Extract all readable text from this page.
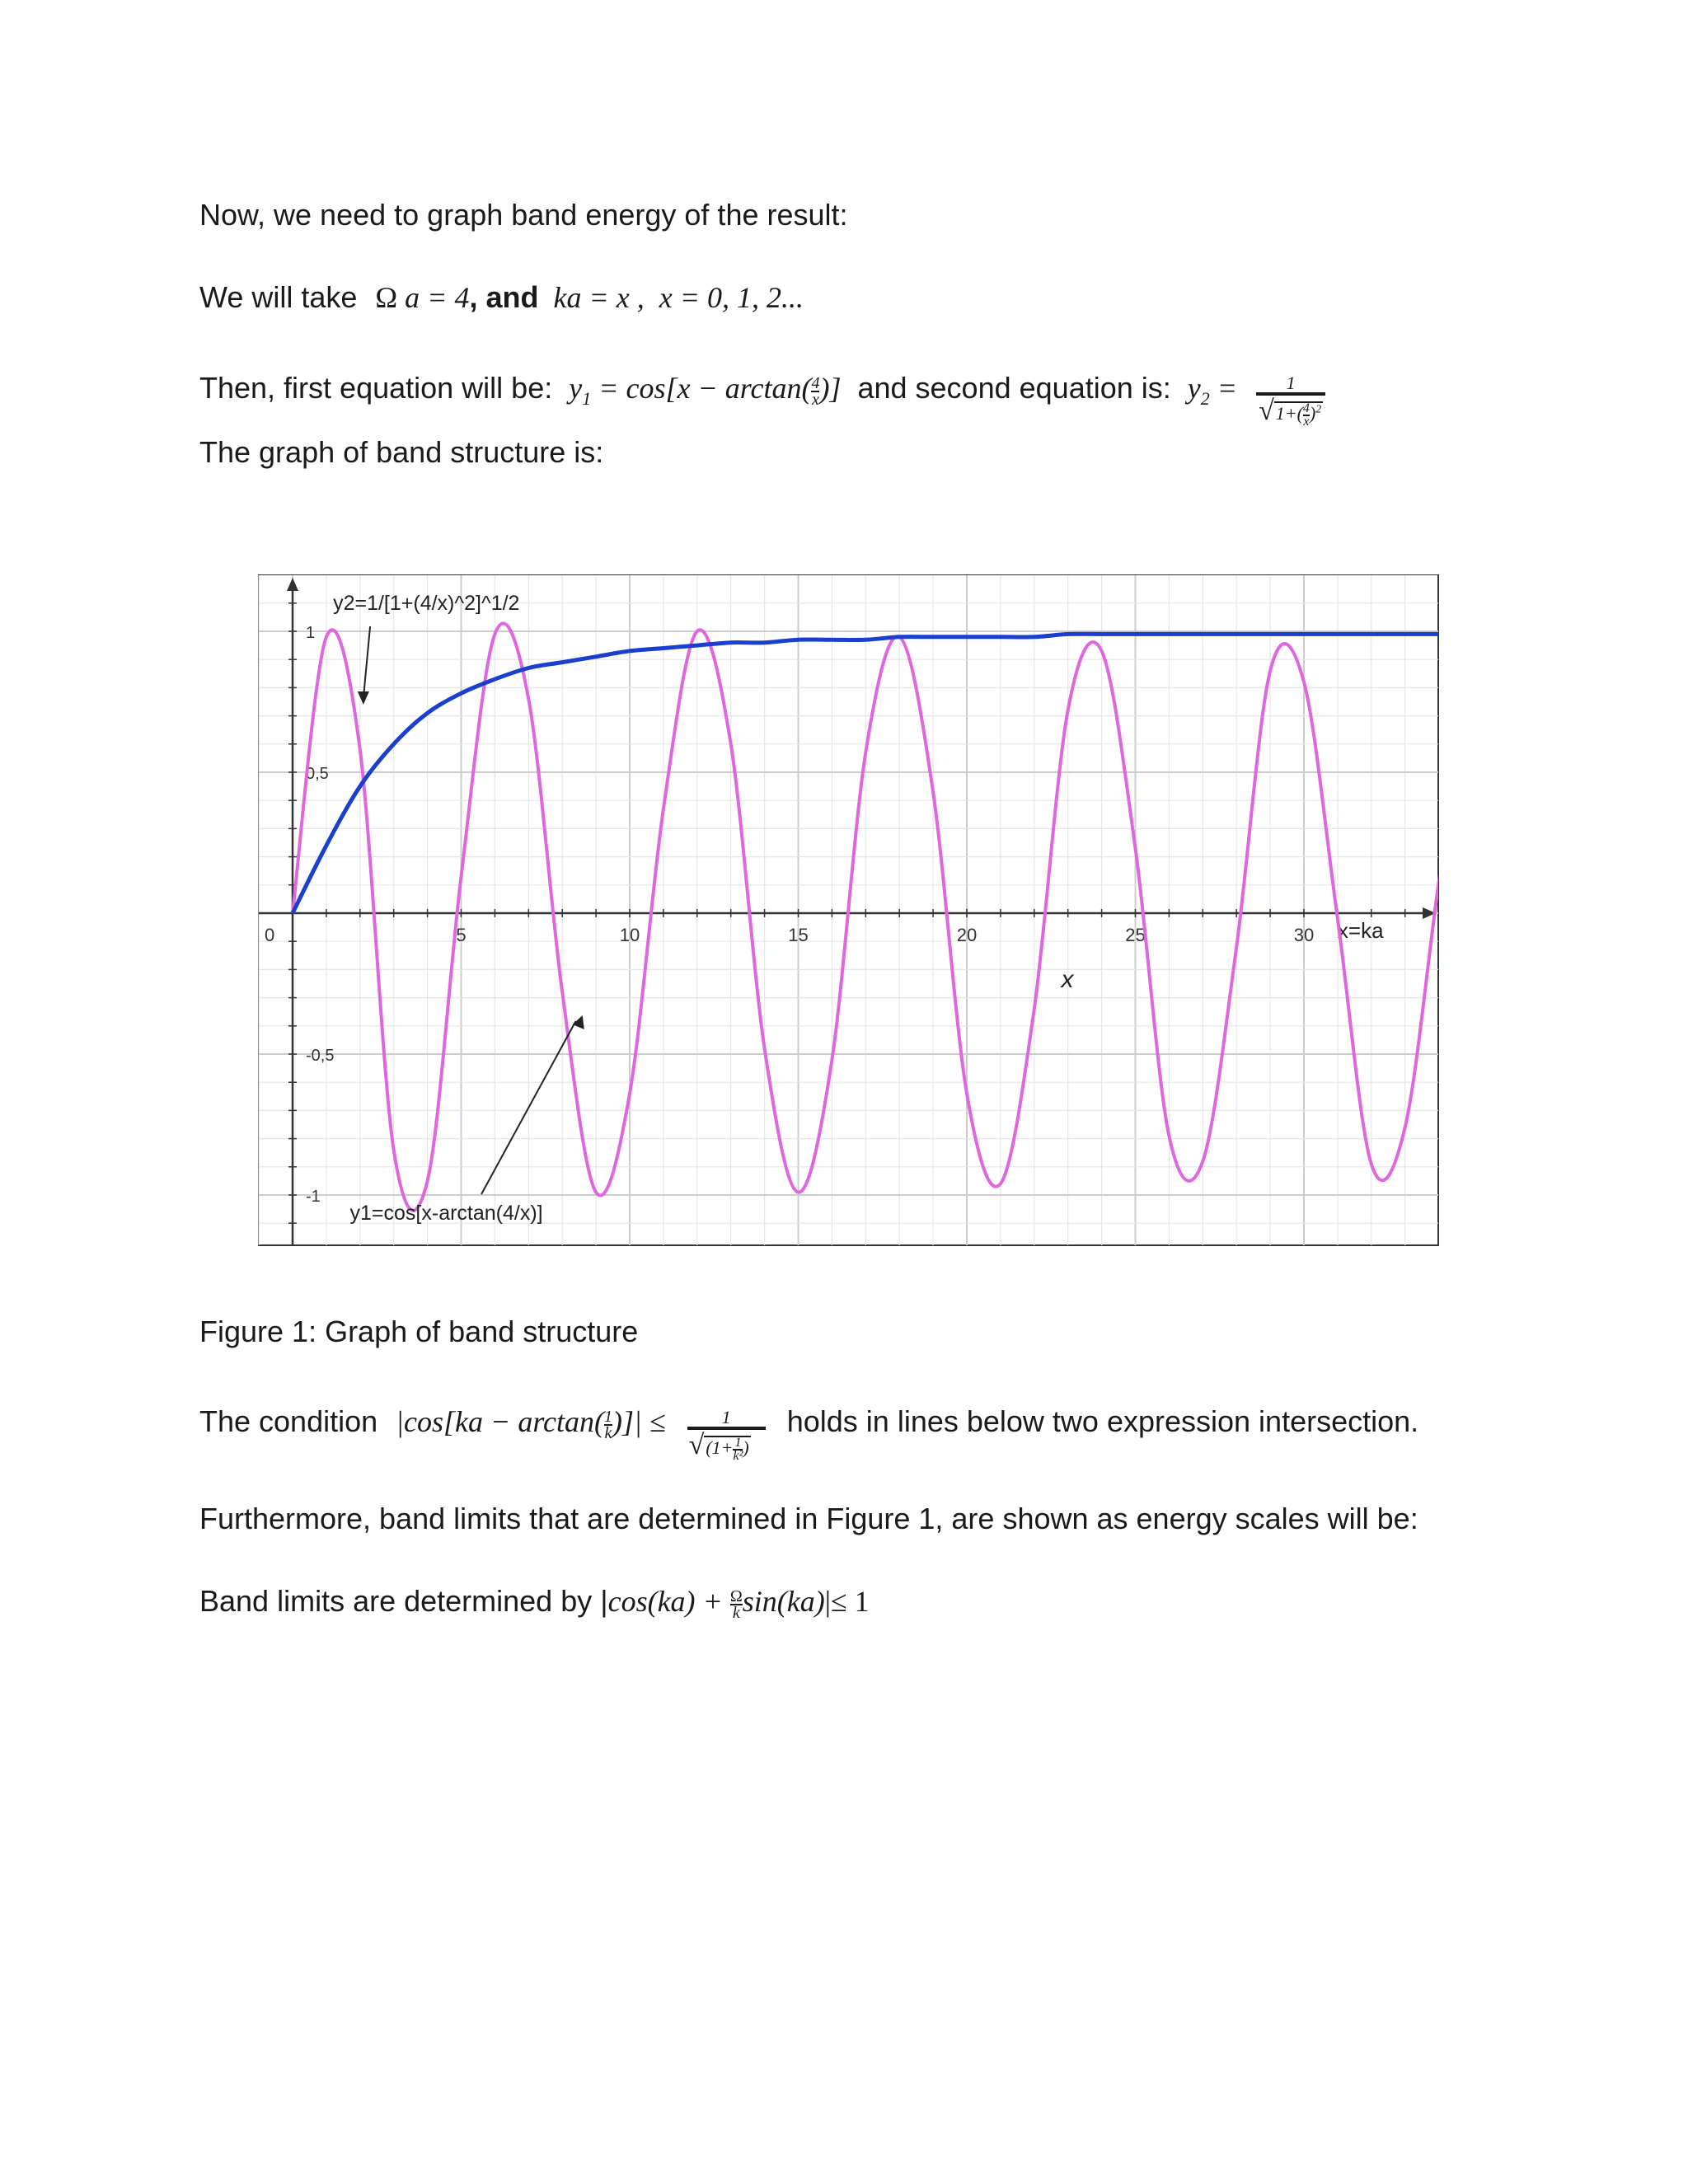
Now, we need to graph band energy of the result:
We will take Ω a = 4, and ka = x , x = 0, 1, 2...
Then, first equation will be: $y_1 = \cos[x - \arctan( \frac{4}{x}$ )] and second equation is: $y_2 = \frac{1}{√1+( \frac{4}{x} )^2}$
The graph of band structure is:
0	5	10	15	20	25	30
1
0,5
-0,5
-1
x=ka
x
y2=1/[1+(4/x)^2]^1/2
y1=cos[x-arctan(4/x)]
Figure 1: Graph of band structure
The condition $|\cos[ka - \arctan( \frac{1}{k}$ )]| ≤ $\frac{1}{√(1+ \frac{1}{\text{k²}} )}$ holds in lines below two expression intersection.
Furthermore, band limits that are determined in Figure 1, are shown as energy scales will be:
Band limits are determined by $|\cos(ka) + \frac{\Omega}{k} \sin(ka)|\le 1$
